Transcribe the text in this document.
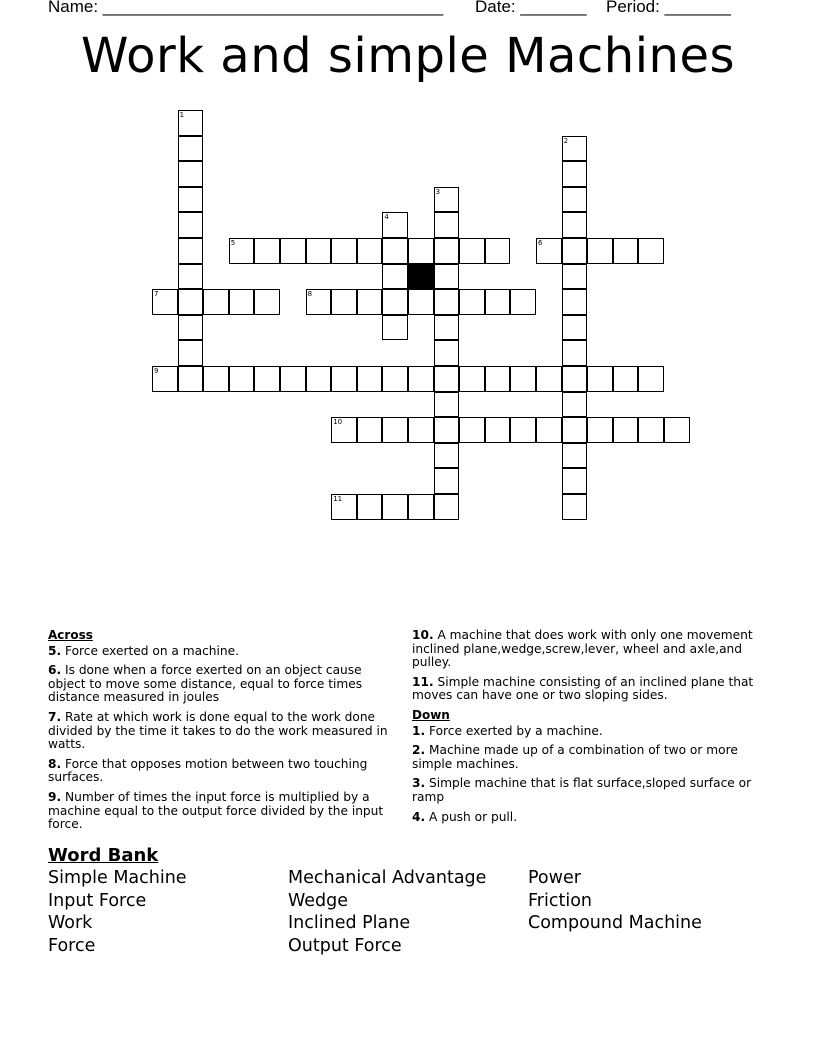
Name: ____________________________________ Date: _______ Period: _______
Work and simple Machines
1
2
3
4
5	6
7	8
9
10
11
Across
5. Force exerted on a machine.
6. Is done when a force exerted on an object cause object to move some distance, equal to force times distance measured in joules
7. Rate at which work is done equal to the work done divided by the time it takes to do the work measured in watts.
8. Force that opposes motion between two touching surfaces.
9. Number of times the input force is multiplied by a machine equal to the output force divided by the input force.
10. A machine that does work with only one movement inclined plane,wedge,screw,lever, wheel and axle,and pulley.
11. Simple machine consisting of an inclined plane that moves can have one or two sloping sides.
Down
1. Force exerted by a machine.
2. Machine made up of a combination of two or more simple machines.
3. Simple machine that is flat surface,sloped surface or ramp
4. A push or pull.
Word Bank
Simple Machine
Input Force
Work
Force
Mechanical Advantage
Wedge
Inclined Plane
Output Force
Power
Friction
Compound Machine
